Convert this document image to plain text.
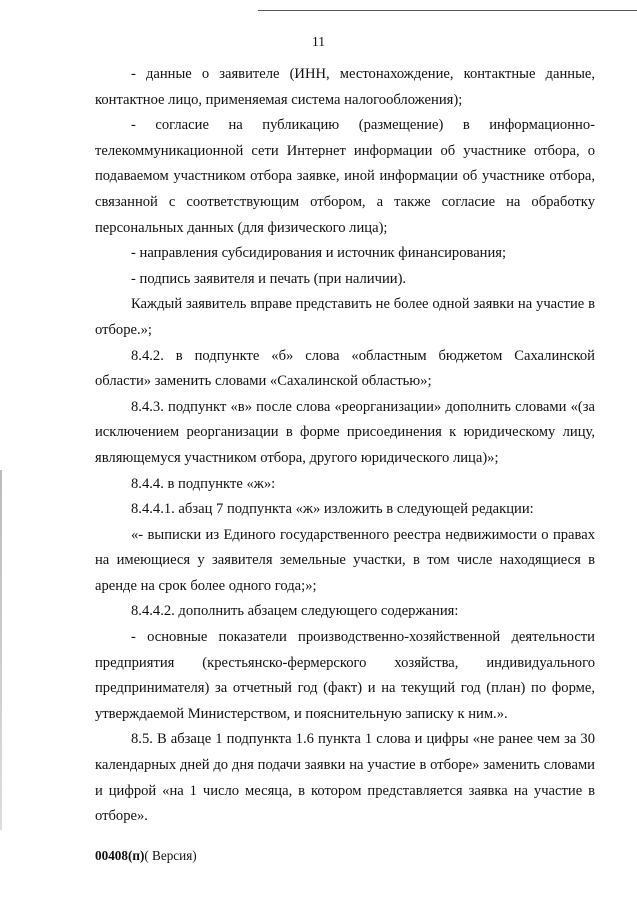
11

- данные о заявителе (ИНН, местонахождение, контактные данные, контактное лицо, применяемая система налогообложения);

- согласие на публикацию (размещение) в информационно-телекоммуникационной сети Интернет информации об участнике отбора, о подаваемом участником отбора заявке, иной информации об участнике отбора, связанной с соответствующим отбором, а также согласие на обработку персональных данных (для физического лица);

- направления субсидирования и источник финансирования;

- подпись заявителя и печать (при наличии).

Каждый заявитель вправе представить не более одной заявки на участие в отборе.»;

8.4.2. в подпункте «б» слова «областным бюджетом Сахалинской области» заменить словами «Сахалинской областью»;

8.4.3. подпункт «в» после слова «реорганизации» дополнить словами «(за исключением реорганизации в форме присоединения к юридическому лицу, являющемуся участником отбора, другого юридического лица)»;

8.4.4. в подпункте «ж»:

8.4.4.1. абзац 7 подпункта «ж» изложить в следующей редакции:

«- выписки из Единого государственного реестра недвижимости о правах на имеющиеся у заявителя земельные участки, в том числе находящиеся в аренде на срок более одного года;»;

8.4.4.2. дополнить абзацем следующего содержания:

- основные показатели производственно-хозяйственной деятельности предприятия (крестьянско-фермерского хозяйства, индивидуального предпринимателя) за отчетный год (факт) и на текущий год (план) по форме, утверждаемой Министерством, и пояснительную записку к ним.».

8.5. В абзаце 1 подпункта 1.6 пункта 1 слова и цифры «не ранее чем за 30 календарных дней до дня подачи заявки на участие в отборе» заменить словами и цифрой «на 1 число месяца, в котором представляется заявка на участие в отборе».

00408(п)( Версия)
